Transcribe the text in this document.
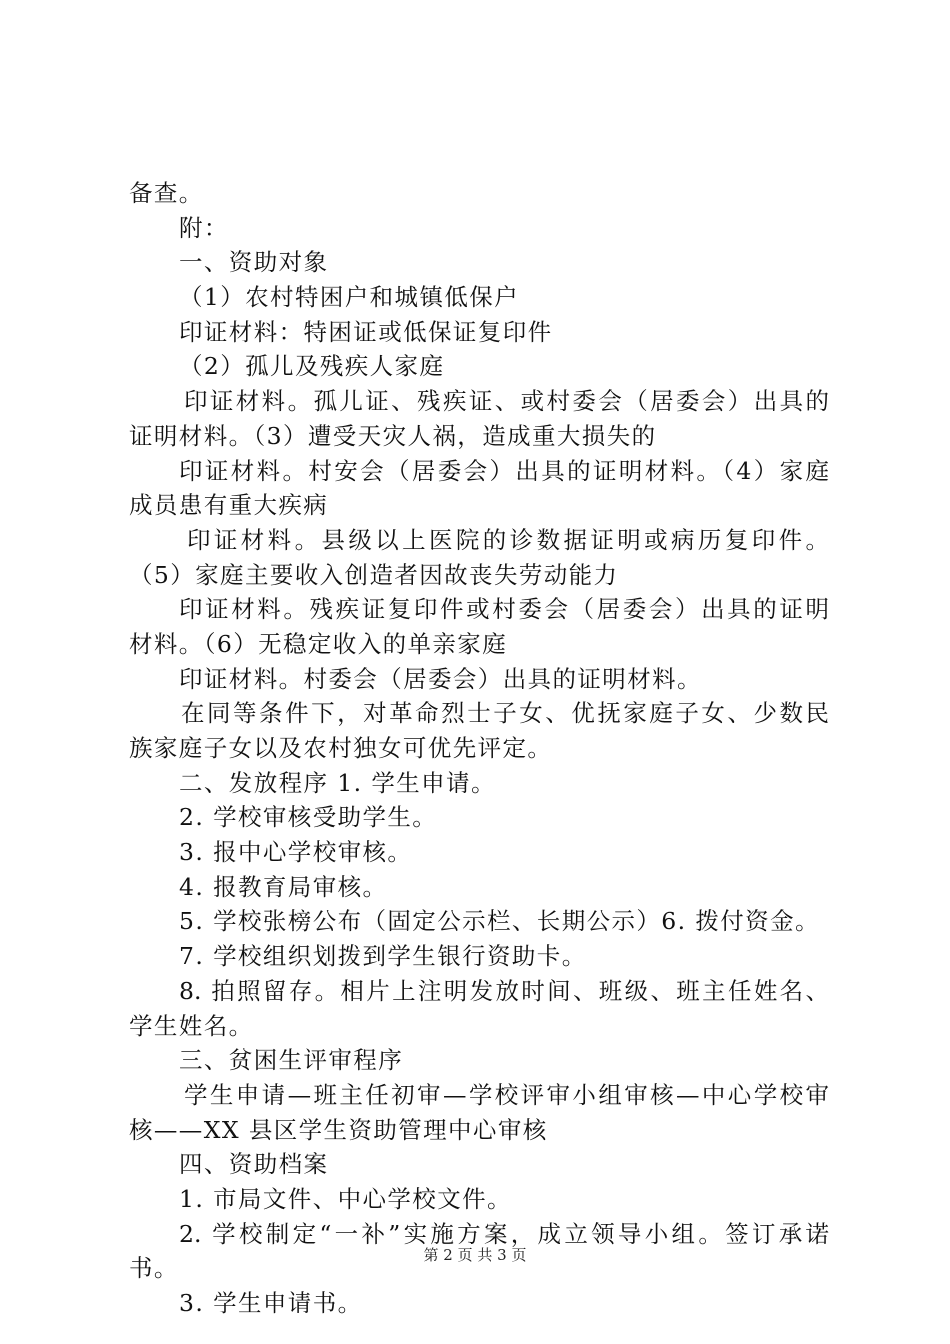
备查。
附：
一、资助对象
（1）农村特困户和城镇低保户
印证材料：特困证或低保证复印件
（2）孤儿及残疾人家庭
印证材料。孤儿证、残疾证、或村委会（居委会）出具的
证明材料。（3）遭受天灾人祸，造成重大损失的
印证材料。村安会（居委会）出具的证明材料。（4）家庭
成员患有重大疾病
印证材料。县级以上医院的诊数据证明或病历复印件。
（5）家庭主要收入创造者因故丧失劳动能力
印证材料。残疾证复印件或村委会（居委会）出具的证明
材料。（6）无稳定收入的单亲家庭
印证材料。村委会（居委会）出具的证明材料。
在同等条件下，对革命烈士子女、优抚家庭子女、少数民
族家庭子女以及农村独女可优先评定。
二、发放程序 1. 学生申请。
2. 学校审核受助学生。
3. 报中心学校审核。
4. 报教育局审核。
5. 学校张榜公布（固定公示栏、长期公示）6. 拨付资金。
7. 学校组织划拨到学生银行资助卡。
8. 拍照留存。相片上注明发放时间、班级、班主任姓名、
学生姓名。
三、贫困生评审程序
学生申请—班主任初审—学校评审小组审核—中心学校审
核——XX 县区学生资助管理中心审核
四、资助档案
1. 市局文件、中心学校文件。
2. 学校制定“一补”实施方案，成立领导小组。签订承诺
书。
3. 学生申请书。
第 2 页 共 3 页
